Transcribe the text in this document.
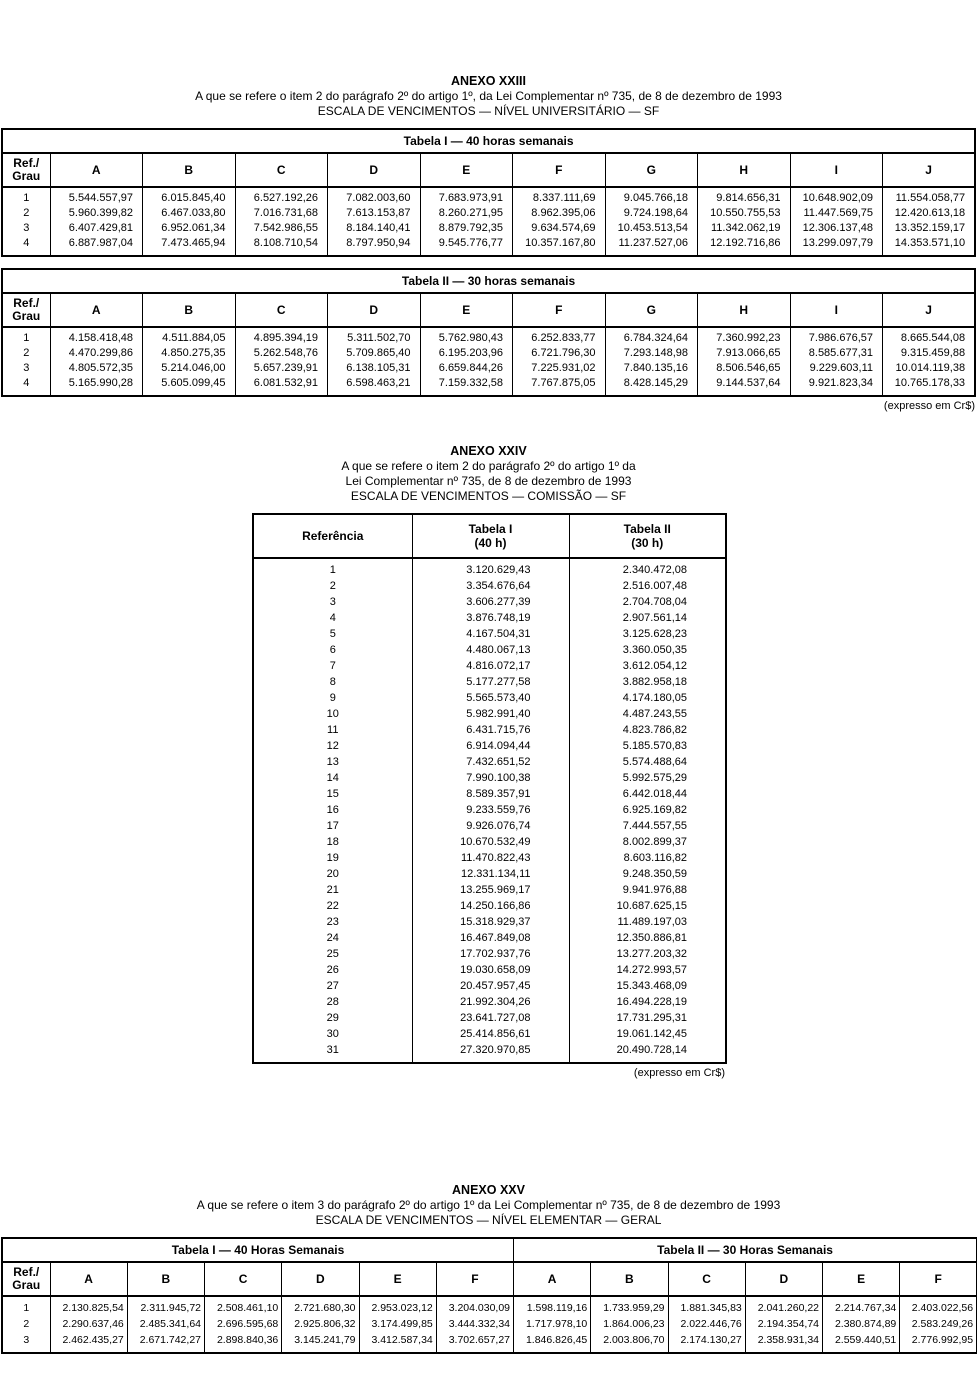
ANEXO XXIII
A que se refere o item 2 do parágrafo 2º do artigo 1º, da Lei Complementar nº 735, de 8 de dezembro de 1993
ESCALA DE VENCIMENTOS — NÍVEL UNIVERSITÁRIO — SF
Tabela I — 40 horas semanais										
Ref./
Grau	A	B	C	D	E	F	G	H	I	J
1	5.544.557,97	6.015.845,40	6.527.192,26	7.082.003,60	7.683.973,91	8.337.111,69	9.045.766,18	9.814.656,31	10.648.902,09	11.554.058,77
2	5.960.399,82	6.467.033,80	7.016.731,68	7.613.153,87	8.260.271,95	8.962.395,06	9.724.198,64	10.550.755,53	11.447.569,75	12.420.613,18
3	6.407.429,81	6.952.061,34	7.542.986,55	8.184.140,41	8.879.792,35	9.634.574,69	10.453.513,54	11.342.062,19	12.306.137,48	13.352.159,17
4	6.887.987,04	7.473.465,94	8.108.710,54	8.797.950,94	9.545.776,77	10.357.167,80	11.237.527,06	12.192.716,86	13.299.097,79	14.353.571,10
Tabela II — 30 horas semanais										
Ref./
Grau	A	B	C	D	E	F	G	H	I	J
1	4.158.418,48	4.511.884,05	4.895.394,19	5.311.502,70	5.762.980,43	6.252.833,77	6.784.324,64	7.360.992,23	7.986.676,57	8.665.544,08
2	4.470.299,86	4.850.275,35	5.262.548,76	5.709.865,40	6.195.203,96	6.721.796,30	7.293.148,98	7.913.066,65	8.585.677,31	9.315.459,88
3	4.805.572,35	5.214.046,00	5.657.239,91	6.138.105,31	6.659.844,26	7.225.931,02	7.840.135,16	8.506.546,65	9.229.603,11	10.014.119,38
4	5.165.990,28	5.605.099,45	6.081.532,91	6.598.463,21	7.159.332,58	7.767.875,05	8.428.145,29	9.144.537,64	9.921.823,34	10.765.178,33
(expresso em Cr$)
ANEXO XXIV
A que se refere o item 2 do parágrafo 2º do artigo 1º da
Lei Complementar nº 735, de 8 de dezembro de 1993
ESCALA DE VENCIMENTOS — COMISSÃO — SF
Referência	Tabela I
(40 h)	Tabela II
(30 h)
1	3.120.629,43	2.340.472,08
2	3.354.676,64	2.516.007,48
3	3.606.277,39	2.704.708,04
4	3.876.748,19	2.907.561,14
5	4.167.504,31	3.125.628,23
6	4.480.067,13	3.360.050,35
7	4.816.072,17	3.612.054,12
8	5.177.277,58	3.882.958,18
9	5.565.573,40	4.174.180,05
10	5.982.991,40	4.487.243,55
11	6.431.715,76	4.823.786,82
12	6.914.094,44	5.185.570,83
13	7.432.651,52	5.574.488,64
14	7.990.100,38	5.992.575,29
15	8.589.357,91	6.442.018,44
16	9.233.559,76	6.925.169,82
17	9.926.076,74	7.444.557,55
18	10.670.532,49	8.002.899,37
19	11.470.822,43	8.603.116,82
20	12.331.134,11	9.248.350,59
21	13.255.969,17	9.941.976,88
22	14.250.166,86	10.687.625,15
23	15.318.929,37	11.489.197,03
24	16.467.849,08	12.350.886,81
25	17.702.937,76	13.277.203,32
26	19.030.658,09	14.272.993,57
27	20.457.957,45	15.343.468,09
28	21.992.304,26	16.494.228,19
29	23.641.727,08	17.731.295,31
30	25.414.856,61	19.061.142,45
31	27.320.970,85	20.490.728,14
(expresso em Cr$)
ANEXO XXV
A que se refere o item 3 do parágrafo 2º do artigo 1º da Lei Complementar nº 735, de 8 de dezembro de 1993
ESCALA DE VENCIMENTOS — NÍVEL ELEMENTAR — GERAL
Tabela I — 40 Horas Semanais							Tabela II — 30 Horas Semanais					
Ref./
Grau	A	B	C	D	E	F	A	B	C	D	E	F
1	2.130.825,54	2.311.945,72	2.508.461,10	2.721.680,30	2.953.023,12	3.204.030,09	1.598.119,16	1.733.959,29	1.881.345,83	2.041.260,22	2.214.767,34	2.403.022,56
2	2.290.637,46	2.485.341,64	2.696.595,68	2.925.806,32	3.174.499,85	3.444.332,34	1.717.978,10	1.864.006,23	2.022.446,76	2.194.354,74	2.380.874,89	2.583.249,26
3	2.462.435,27	2.671.742,27	2.898.840,36	3.145.241,79	3.412.587,34	3.702.657,27	1.846.826,45	2.003.806,70	2.174.130,27	2.358.931,34	2.559.440,51	2.776.992,95
